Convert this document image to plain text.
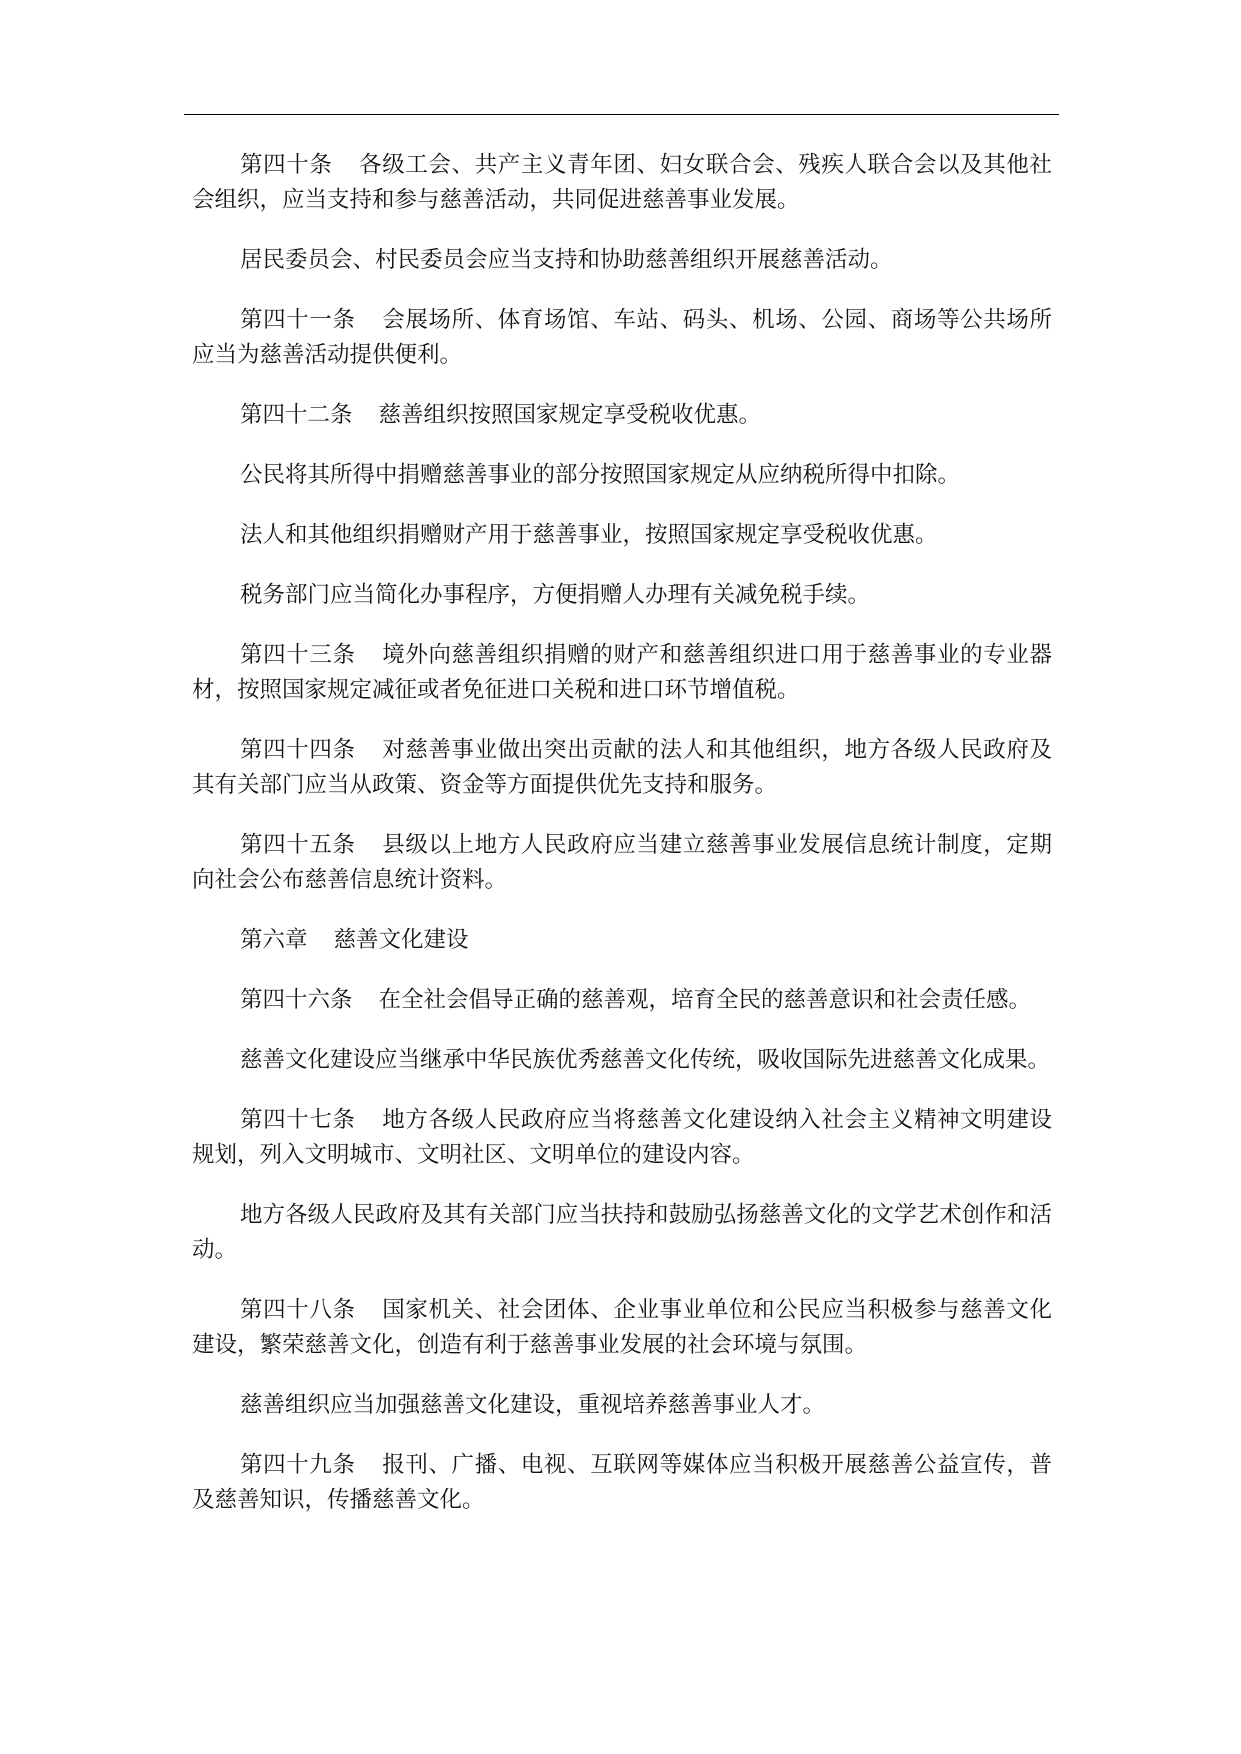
第四十条 各级工会、共产主义青年团、妇女联合会、残疾人联合会以及其他社会组织，应当支持和参与慈善活动，共同促进慈善事业发展。

居民委员会、村民委员会应当支持和协助慈善组织开展慈善活动。

第四十一条 会展场所、体育场馆、车站、码头、机场、公园、商场等公共场所应当为慈善活动提供便利。

第四十二条 慈善组织按照国家规定享受税收优惠。

公民将其所得中捐赠慈善事业的部分按照国家规定从应纳税所得中扣除。

法人和其他组织捐赠财产用于慈善事业，按照国家规定享受税收优惠。

税务部门应当简化办事程序，方便捐赠人办理有关减免税手续。

第四十三条 境外向慈善组织捐赠的财产和慈善组织进口用于慈善事业的专业器材，按照国家规定减征或者免征进口关税和进口环节增值税。

第四十四条 对慈善事业做出突出贡献的法人和其他组织，地方各级人民政府及其有关部门应当从政策、资金等方面提供优先支持和服务。

第四十五条 县级以上地方人民政府应当建立慈善事业发展信息统计制度，定期向社会公布慈善信息统计资料。

第六章 慈善文化建设

第四十六条 在全社会倡导正确的慈善观，培育全民的慈善意识和社会责任感。

慈善文化建设应当继承中华民族优秀慈善文化传统，吸收国际先进慈善文化成果。

第四十七条 地方各级人民政府应当将慈善文化建设纳入社会主义精神文明建设规划，列入文明城市、文明社区、文明单位的建设内容。

地方各级人民政府及其有关部门应当扶持和鼓励弘扬慈善文化的文学艺术创作和活动。

第四十八条 国家机关、社会团体、企业事业单位和公民应当积极参与慈善文化建设，繁荣慈善文化，创造有利于慈善事业发展的社会环境与氛围。

慈善组织应当加强慈善文化建设，重视培养慈善事业人才。

第四十九条 报刊、广播、电视、互联网等媒体应当积极开展慈善公益宣传，普及慈善知识，传播慈善文化。
